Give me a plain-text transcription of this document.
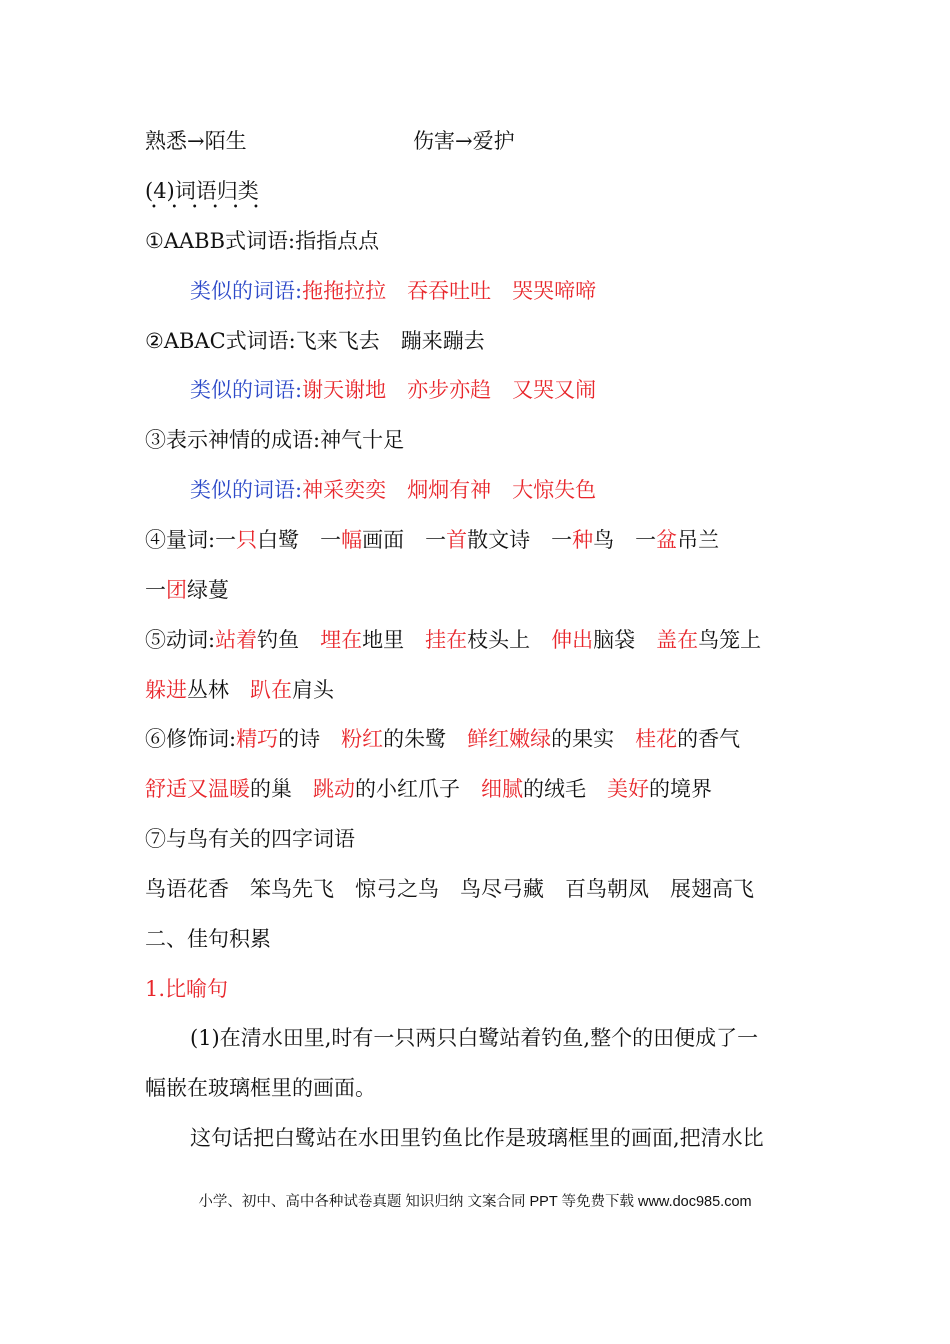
熟悉→陌生	伤害→爱护
(4)词语归类
••••••
①AABB式词语:指指点点
类似的词语:拖拖拉拉　 吞吞吐吐　 哭哭啼啼
②ABAC式词语:飞来飞去　蹦来蹦去
类似的词语:谢天谢地　 亦步亦趋　 又哭又闹
③表示神情的成语:神气十足
类似的词语:神采奕奕　 炯炯有神　 大惊失色
④量词:一只白鹭　 一幅画面　 一首散文诗　 一种鸟　 一盆吊兰
一团绿蔓
⑤动词:站着钓鱼　 埋在地里　 挂在枝头上　 伸出脑袋　 盖在鸟笼上
躲进丛林　 趴在肩头
⑥修饰词:精巧的诗　 粉红的朱鹭　 鲜红嫩绿的果实　 桂花的香气
舒适又温暖的巢　 跳动的小红爪子　 细腻的绒毛　 美好的境界
⑦与鸟有关的四字词语
鸟语花香　 笨鸟先飞　 惊弓之鸟　 鸟尽弓藏　 百鸟朝凤　 展翅高飞
二、佳句积累
1.比喻句
(1)在清水田里,时有一只两只白鹭站着钓鱼,整个的田便成了一
幅嵌在玻璃框里的画面。
这句话把白鹭站在水田里钓鱼比作是玻璃框里的画面,把清水比
小学、初中、高中各种试卷真题 知识归纳 文案合同 PPT 等免费下载 www.doc985.com
